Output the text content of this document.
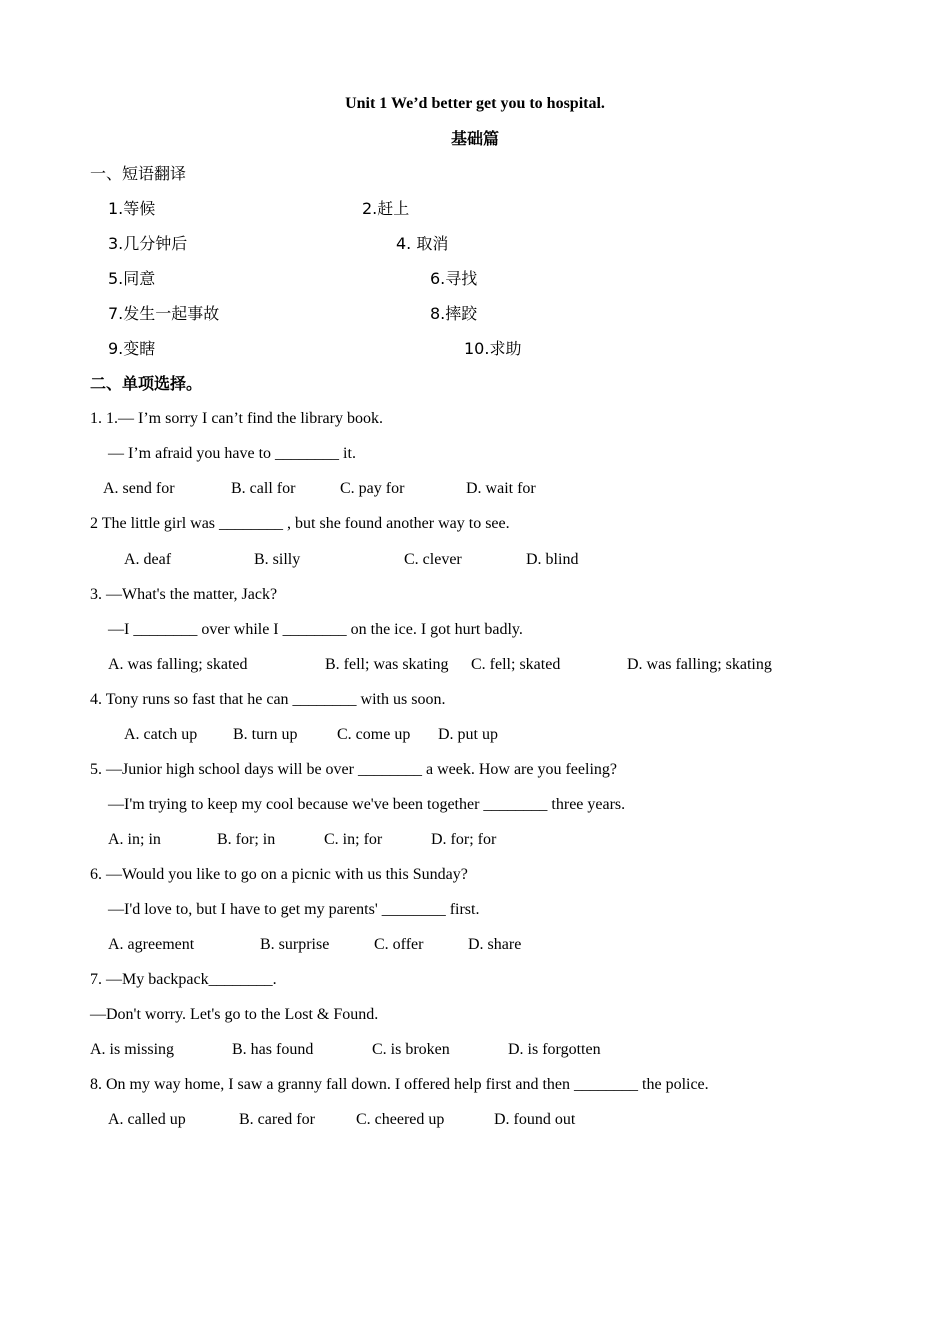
Unit 1 We’d better get you to hospital.
基础篇
一、短语翻译
1.等候	2.赶上
3.几分钟后	4. 取消
5.同意	6.寻找
7.发生一起事故	8.摔跤
9.变瞎	10.求助
二、单项选择。
1. 1.— I’m sorry I can’t find the library book.
— I’m afraid you have to ________ it.
A. send for	B. call for	C. pay for	D. wait for
2 The little girl was ________ , but she found another way to see.
A. deaf	B. silly	C. clever	D. blind
3. —What's the matter, Jack?
—I ________ over while I ________ on the ice. I got hurt badly.
A. was falling; skated	B. fell; was skating C. fell; skated	D. was falling; skating
4. Tony runs so fast that he can ________ with us soon.
A. catch up B. turn up C. come up D. put up
5. —Junior high school days will be over ________ a week. How are you feeling?
—I'm trying to keep my cool because we've been together ________ three years.
A. in; in	B. for; in	C. in; for	D. for; for
6. —Would you like to go on a picnic with us this Sunday?
—I'd love to, but I have to get my parents' ________ first.
A. agreement	B. surprise	C. offer	D. share
7. —My backpack________.
—Don't worry. Let's go to the Lost & Found.
A. is missing	B. has found	C. is broken	D. is forgotten
8. On my way home, I saw a granny fall down. I offered help first and then ________ the police.
A. called up	B. cared for	C. cheered up	D. found out
